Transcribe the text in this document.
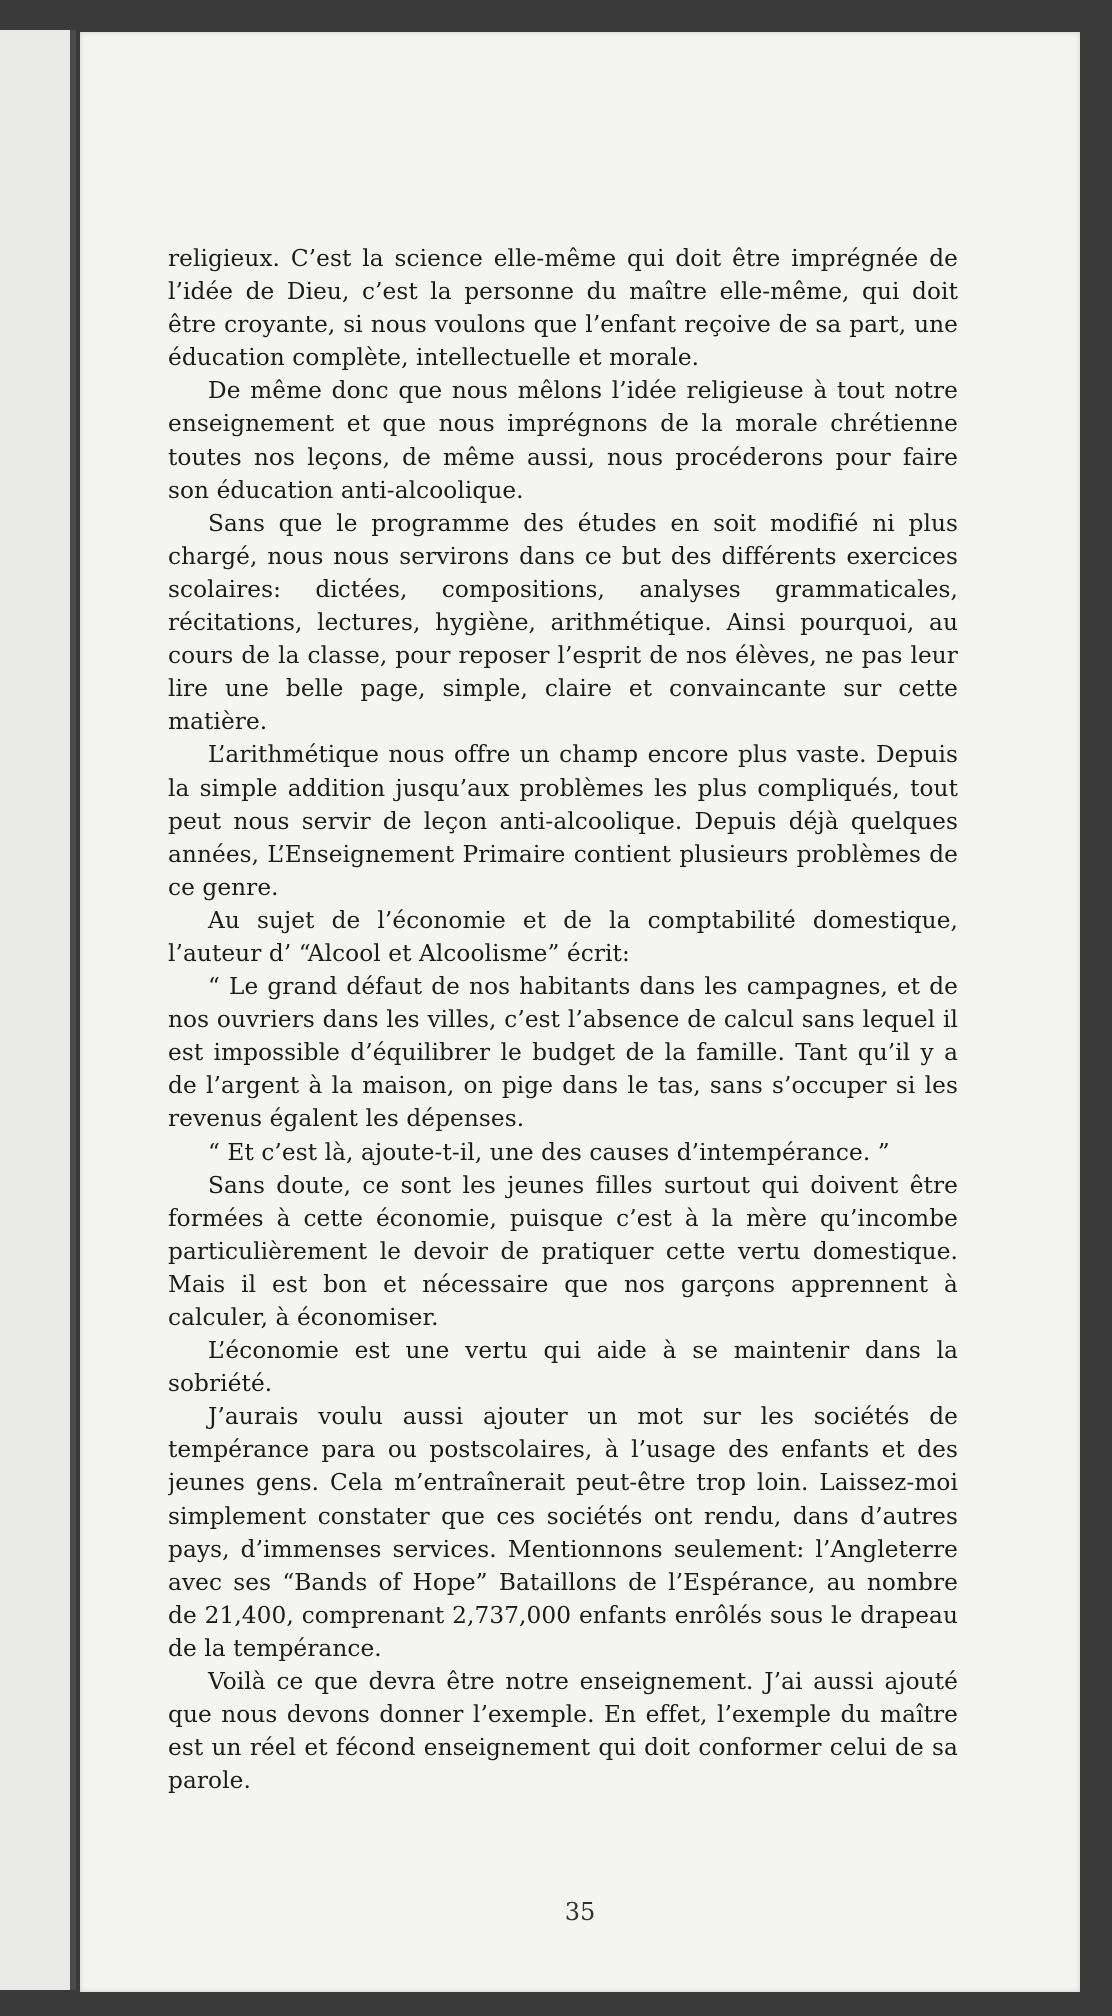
religieux. C’est la science elle-même qui doit être imprégnée de l’idée de Dieu, c’est la personne du maître elle-même, qui doit être croyante, si nous voulons que l’enfant reçoive de sa part, une éducation complète, intellectuelle et morale.

De même donc que nous mêlons l’idée religieuse à tout notre enseignement et que nous imprégnons de la morale chrétienne toutes nos leçons, de même aussi, nous procéderons pour faire son éducation anti-alcoolique.

Sans que le programme des études en soit modifié ni plus chargé, nous nous servirons dans ce but des différents exercices scolaires: dictées, compositions, analyses grammaticales, récitations, lectures, hygiène, arithmétique. Ainsi pourquoi, au cours de la classe, pour reposer l’esprit de nos élèves, ne pas leur lire une belle page, simple, claire et convaincante sur cette matière.

L’arithmétique nous offre un champ encore plus vaste. Depuis la simple addition jusqu’aux problèmes les plus compliqués, tout peut nous servir de leçon anti-alcoolique. Depuis déjà quelques années, L’Enseignement Primaire contient plusieurs problèmes de ce genre.

Au sujet de l’économie et de la comptabilité domestique, l’auteur d’ “Alcool et Alcoolisme” écrit:

“ Le grand défaut de nos habitants dans les campagnes, et de nos ouvriers dans les villes, c’est l’absence de calcul sans lequel il est impossible d’équilibrer le budget de la famille. Tant qu’il y a de l’argent à la maison, on pige dans le tas, sans s’occuper si les revenus égalent les dépenses.

“ Et c’est là, ajoute-t-il, une des causes d’intempérance. ”

Sans doute, ce sont les jeunes filles surtout qui doivent être formées à cette économie, puisque c’est à la mère qu’incombe particulièrement le devoir de pratiquer cette vertu domestique. Mais il est bon et nécessaire que nos garçons apprennent à calculer, à économiser.

L’économie est une vertu qui aide à se maintenir dans la sobriété.

J’aurais voulu aussi ajouter un mot sur les sociétés de tempérance para ou postscolaires, à l’usage des enfants et des jeunes gens. Cela m’entraînerait peut-être trop loin. Laissez-moi simplement constater que ces sociétés ont rendu, dans d’autres pays, d’immenses services. Mentionnons seulement: l’Angleterre avec ses “Bands of Hope” Bataillons de l’Espérance, au nombre de 21,400, comprenant 2,737,000 enfants enrôlés sous le drapeau de la tempérance.

Voilà ce que devra être notre enseignement. J’ai aussi ajouté que nous devons donner l’exemple. En effet, l’exemple du maître est un réel et fécond enseignement qui doit conformer celui de sa parole.

35
